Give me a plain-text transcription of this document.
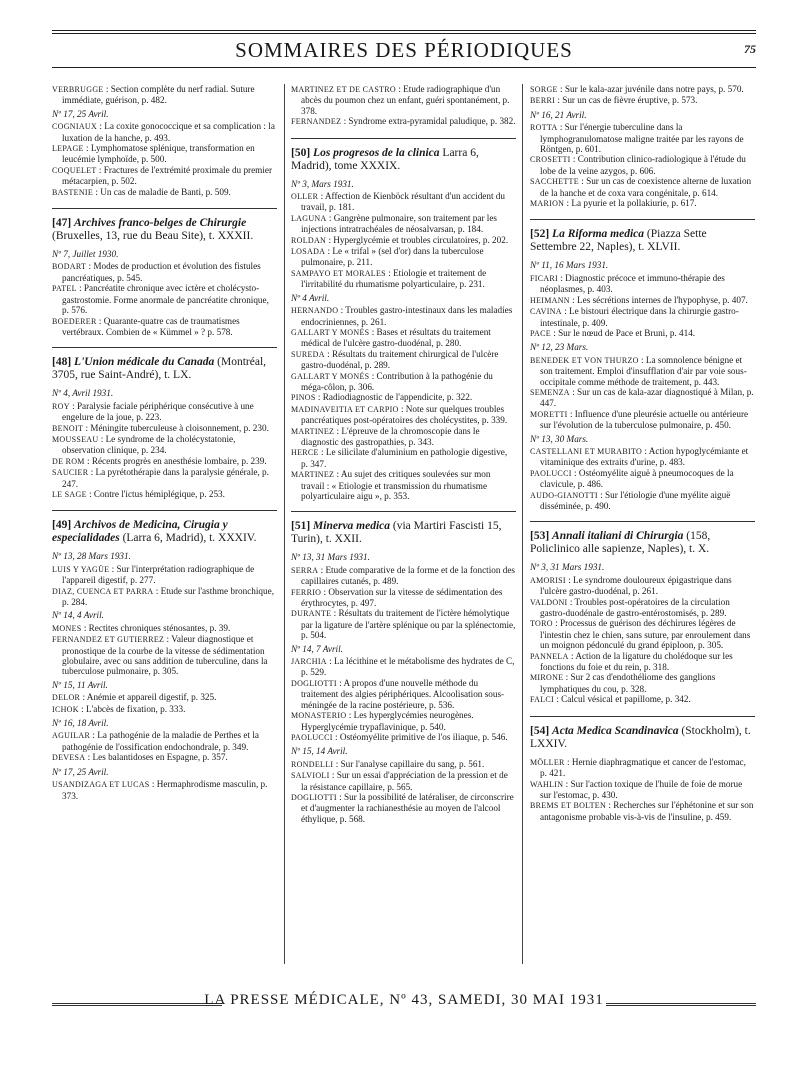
SOMMAIRES DES PÉRIODIQUES	75

VERBRUGGE : Section complète du nerf radial. Suture immédiate, guérison, p. 482.

Nº 17, 25 Avril.

COGNIAUX : La coxite gonococcique et sa complication : la luxation de la hanche, p. 493.

LEPAGE : Lymphomatose splénique, transformation en leucémie lymphoïde, p. 500.

COQUELET : Fractures de l'extrémité proximale du premier métacarpien, p. 502.

BASTENIE : Un cas de maladie de Banti, p. 509.

[47] Archives franco-belges de Chirurgie (Bruxelles, 13, rue du Beau Site), t. XXXII.
Nº 7, Juillet 1930.

BODART : Modes de production et évolution des fistules pancréatiques, p. 545.

PATEL : Pancréatite chronique avec ictère et cholécysto-gastrostomie. Forme anormale de pancréatite chronique, p. 576.

BOEDERER : Quarante-quatre cas de traumatismes vertébraux. Combien de « Kümmel » ? p. 578.

[48] L'Union médicale du Canada (Montréal, 3705, rue Saint-André), t. LX.
Nº 4, Avril 1931.

ROY : Paralysie faciale périphérique consécutive à une engelure de la joue, p. 223.

BENOIT : Méningite tuberculeuse à cloisonnement, p. 230.

MOUSSEAU : Le syndrome de la cholécystatonie, observation clinique, p. 234.

DE ROM : Récents progrès en anesthésie lombaire, p. 239.

SAUCIER : La pyrétothérapie dans la paralysie générale, p. 247.

LE SAGE : Contre l'ictus hémiplégique, p. 253.

[49] Archivos de Medicina, Cirugia y especialidades (Larra 6, Madrid), t. XXXIV.
Nº 13, 28 Mars 1931.

LUIS Y YAGÜE : Sur l'interprétation radiographique de l'appareil digestif, p. 277.

DIAZ, CUENCA ET PARRA : Etude sur l'asthme bronchique, p. 284.

Nº 14, 4 Avril.

MONES : Rectites chroniques sténosantes, p. 39.

FERNANDEZ ET GUTIERREZ : Valeur diagnostique et pronostique de la courbe de la vitesse de sédimentation globulaire, avec ou sans addition de tuberculine, dans la tuberculose pulmonaire, p. 305.

Nº 15, 11 Avril.

DELOR : Anémie et appareil digestif, p. 325.

ICHOK : L'abcès de fixation, p. 333.

Nº 16, 18 Avril.

AGUILAR : La pathogénie de la maladie de Perthes et la pathogénie de l'ossification endochondrale, p. 349.

DEVESA : Les balantidoses en Espagne, p. 357.

Nº 17, 25 Avril.

USANDIZAGA ET LUCAS : Hermaphrodisme masculin, p. 373.

MARTINEZ ET DE CASTRO : Etude radiographique d'un abcès du poumon chez un enfant, guéri spontanément, p. 378.

FERNANDEZ : Syndrome extra-pyramidal paludique, p. 382.

[50] Los progresos de la clinica Larra 6, Madrid), tome XXXIX.
Nº 3, Mars 1931.

OLLER : Affection de Kienböck résultant d'un accident du travail, p. 181.

LAGUNA : Gangrène pulmonaire, son traitement par les injections intratrachéales de néosalvarsan, p. 184.

ROLDAN : Hyperglycémie et troubles circulatoires, p. 202.

LOSADA : Le « trifal » (sel d'or) dans la tuberculose pulmonaire, p. 211.

SAMPAYO ET MORALES : Etiologie et traitement de l'irritabilité du rhumatisme polyarticulaire, p. 231.

Nº 4 Avril.

HERNANDO : Troubles gastro-intestinaux dans les maladies endocriniennes, p. 261.

GALLART Y MONÉS : Bases et résultats du traitement médical de l'ulcère gastro-duodénal, p. 280.

SUREDA : Résultats du traitement chirurgical de l'ulcère gastro-duodénal, p. 289.

GALLART Y MONÉS : Contribution à la pathogénie du méga-côlon, p. 306.

PINOS : Radiodiagnostic de l'appendicite, p. 322.

MADINAVEITIA ET CARPIO : Note sur quelques troubles pancréatiques post-opératoires des cholécystites, p. 339.

MARTINEZ : L'épreuve de la chromoscopie dans le diagnostic des gastropathies, p. 343.

HERCE : Le silicilate d'aluminium en pathologie digestive, p. 347.

MARTINEZ : Au sujet des critiques soulevées sur mon travail : « Etiologie et transmission du rhumatisme polyarticulaire aigu », p. 353.

[51] Minerva medica (via Martiri Fascisti 15, Turin), t. XXII.
Nº 13, 31 Mars 1931.

SERRA : Etude comparative de la forme et de la fonction des capillaires cutanés, p. 489.

FERRIO : Observation sur la vitesse de sédimentation des érythrocytes, p. 497.

DURANTE : Résultats du traitement de l'ictère hémolytique par la ligature de l'artère splénique ou par la splénectomie, p. 504.

Nº 14, 7 Avril.

JARCHIA : La lécithine et le métabolisme des hydrates de C, p. 529.

DOGLIOTTI : A propos d'une nouvelle méthode du traitement des algies périphériques. Alcoolisation sous-méningée de la racine postérieure, p. 536.

MONASTERIO : Les hyperglycémies neurogènes. Hyperglycémie trypaflavinique, p. 540.

PAOLUCCI : Ostéomyélite primitive de l'os iliaque, p. 546.

Nº 15, 14 Avril.

RONDELLI : Sur l'analyse capillaire du sang, p. 561.

SALVIOLI : Sur un essai d'appréciation de la pression et de la résistance capillaire, p. 565.

DOGLIOTTI : Sur la possibilité de latéraliser, de circonscrire et d'augmenter la rachianesthésie au moyen de l'alcool éthylique, p. 568.

SORGE : Sur le kala-azar juvénile dans notre pays, p. 570.

BERRI : Sur un cas de fièvre éruptive, p. 573.

Nº 16, 21 Avril.

ROTTA : Sur l'énergie tuberculine dans la lymphogranulomatose maligne traitée par les rayons de Röntgen, p. 601.

CROSETTI : Contribution clinico-radiologique à l'étude du lobe de la veine azygos, p. 606.

SACCHETTE : Sur un cas de coexistence alterne de luxation de la hanche et de coxa vara congénitale, p. 614.

MARION : La pyurie et la pollakiurie, p. 617.

[52] La Riforma medica (Piazza Sette Settembre 22, Naples), t. XLVII.
Nº 11, 16 Mars 1931.

FICARI : Diagnostic précoce et immuno-thérapie des néoplasmes, p. 403.

HEIMANN : Les sécrétions internes de l'hypophyse, p. 407.

CAVINA : Le bistouri électrique dans la chirurgie gastro-intestinale, p. 409.

PACE : Sur le nœud de Pace et Bruni, p. 414.

Nº 12, 23 Mars.

BENEDEK ET VON THURZO : La somnolence bénigne et son traitement. Emploi d'insufflation d'air par voie sous-occipitale comme méthode de traitement, p. 443.

SEMENZA : Sur un cas de kala-azar diagnostiqué à Milan, p. 447.

MORETTI : Influence d'une pleurésie actuelle ou antérieure sur l'évolution de la tuberculose pulmonaire, p. 450.

Nº 13, 30 Mars.

CASTELLANI ET MURABITO : Action hypoglycémiante et vitaminique des extraits d'urine, p. 483.

PAOLUCCI : Ostéomyélite aiguë à pneumocoques de la clavicule, p. 486.

AUDO-GIANOTTI : Sur l'étiologie d'une myélite aiguë disséminée, p. 490.

[53] Annali italiani di Chirurgia (158, Policlinico alle sapienze, Naples), t. X.
Nº 3, 31 Mars 1931.

AMORISI : Le syndrome douloureux épigastrique dans l'ulcère gastro-duodénal, p. 261.

VALDONI : Troubles post-opératoires de la circulation gastro-duodénale de gastro-entérostomisés, p. 289.

TORO : Processus de guérison des déchirures légères de l'intestin chez le chien, sans suture, par enroulement dans un moignon pédonculé du grand épiploon, p. 305.

PANNELA : Action de la ligature du cholédoque sur les fonctions du foie et du rein, p. 318.

MIRONE : Sur 2 cas d'endothéliome des ganglions lymphatiques du cou, p. 328.

FALCI : Calcul vésical et papillome, p. 342.

[54] Acta Medica Scandinavica (Stockholm), t. LXXIV.

MÖLLER : Hernie diaphragmatique et cancer de l'estomac, p. 421.

WAHLIN : Sur l'action toxique de l'huile de foie de morue sur l'estomac, p. 430.

BREMS ET BOLTEN : Recherches sur l'éphétonine et sur son antagonisme probable vis-à-vis de l'insuline, p. 459.

LA PRESSE MÉDICALE, Nº 43, SAMEDI, 30 MAI 1931
